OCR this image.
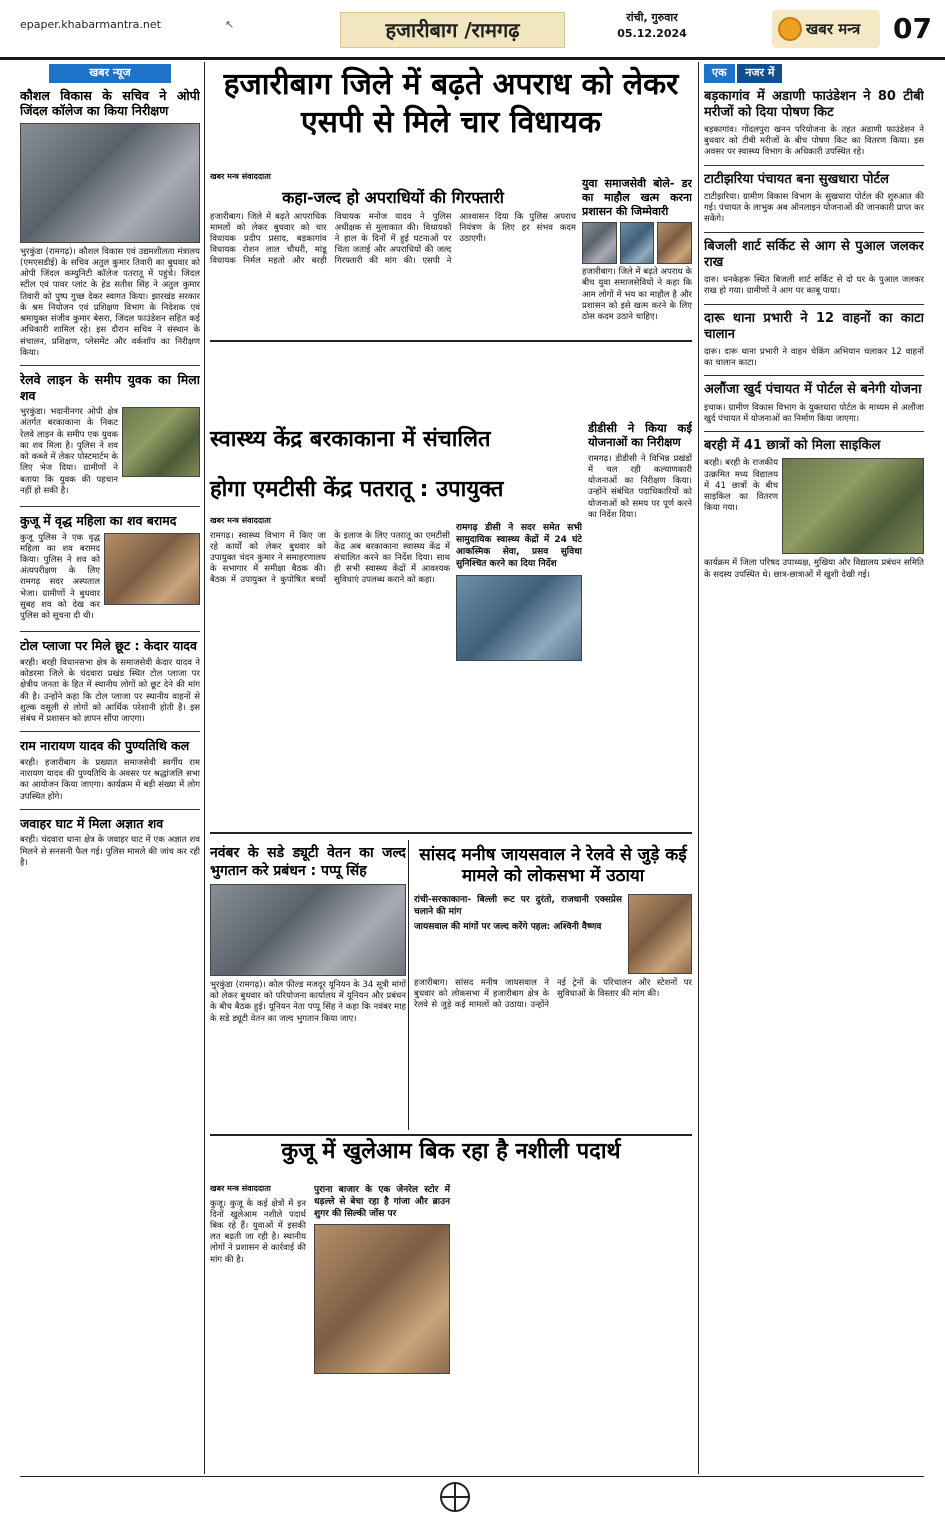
epaper.khabarmantra.net	↖	हजारीबाग /रामगढ़
रांची, गुरुवार
05.12.2024	खबर मन्त्र	07
खबर न्यूज
कौशल विकास के सचिव ने ओपी जिंदल कॉलेज का किया निरीक्षण

भुरकुंडा (रामगढ़)। कौशल विकास एवं उद्यमशीलता मंत्रालय (एमएसडीई) के सचिव अतुल कुमार तिवारी का बुधवार को ओपी जिंदल कम्युनिटी कॉलेज पतरातू में पहुंचे। जिंदल स्टील एवं पावर प्लांट के हेड सतीश सिंह ने अतुल कुमार तिवारी को पुष्प गुच्छ देकर स्वागत किया। झारखंड सरकार के श्रम नियोजन एवं प्रशिक्षण विभाग के निदेशक एवं श्रमायुक्त संजीव कुमार बेसरा, जिंदल फाउंडेशन सहित कई अधिकारी शामिल रहे। इस दौरान सचिव ने संस्थान के संचालन, प्रशिक्षण, प्लेसमेंट और वर्कशॉप का निरीक्षण किया।

रेलवे लाइन के समीप युवक का मिला शव

भुरकुंडा। भदानीनगर ओपी क्षेत्र अंतर्गत बरकाकाना के निकट रेलवे लाइन के समीप एक युवक का शव मिला है। पुलिस ने शव को कब्जे में लेकर पोस्टमार्टम के लिए भेज दिया। ग्रामीणों ने बताया कि युवक की पहचान नहीं हो सकी है।

कुजू में वृद्ध महिला का शव बरामद

कुजू पुलिस ने एक वृद्ध महिला का शव बरामद किया। पुलिस ने शव को अंत्यपरीक्षण के लिए रामगढ़ सदर अस्पताल भेजा। ग्रामीणों ने बुधवार सुबह शव को देख कर पुलिस को सूचना दी थी।

टोल प्लाजा पर मिले छूट : केदार यादव

बरही। बरही विधानसभा क्षेत्र के समाजसेवी केदार यादव ने कोडरमा जिले के चंदवारा प्रखंड स्थित टोल प्लाजा पर क्षेत्रीय जनता के हित में स्थानीय लोगों को छूट देने की मांग की है। उन्होंने कहा कि टोल प्लाजा पर स्थानीय वाहनों से शुल्क वसूली से लोगों को आर्थिक परेशानी होती है। इस संबंध में प्रशासन को ज्ञापन सौंपा जाएगा।

राम नारायण यादव की पुण्यतिथि कल

बरही। हजारीबाग के प्रख्यात समाजसेवी स्वर्गीय राम नारायण यादव की पुण्यतिथि के अवसर पर श्रद्धांजलि सभा का आयोजन किया जाएगा। कार्यक्रम में बड़ी संख्या में लोग उपस्थित होंगे।

जवाहर घाट में मिला अज्ञात शव

बरही। चंदवारा थाना क्षेत्र के जवाहर घाट में एक अज्ञात शव मिलने से सनसनी फैल गई। पुलिस मामले की जांच कर रही है।

हजारीबाग जिले में बढ़ते अपराध को लेकर एसपी से मिले चार विधायक
खबर मन्त्र संवाददाता
कहा-जल्द हो अपराधियों की गिरफ्तारी

हजारीबाग। जिले में बढ़ते आपराधिक मामलों को लेकर बुधवार को चार विधायक प्रदीप प्रसाद, बड़कागांव विधायक रोशन लाल चौधरी, मांडू विधायक निर्मल महतो और बरही विधायक मनोज यादव ने पुलिस अधीक्षक से मुलाकात की। विधायकों ने हाल के दिनों में हुई घटनाओं पर चिंता जताई और अपराधियों की जल्द गिरफ्तारी की मांग की। एसपी ने आश्वासन दिया कि पुलिस अपराध नियंत्रण के लिए हर संभव कदम उठाएगी।

युवा समाजसेवी बोले- डर का माहौल खत्म करना प्रशासन की जिम्मेवारी

हजारीबाग। जिले में बढ़ते अपराध के बीच युवा समाजसेवियों ने कहा कि आम लोगों में भय का माहौल है और प्रशासन को इसे खत्म करने के लिए ठोस कदम उठाने चाहिए।

स्वास्थ्य केंद्र बरकाकाना में संचालित
होगा एमटीसी केंद्र पतरातू : उपायुक्त
खबर मन्त्र संवाददाता

रामगढ़। स्वास्थ्य विभाग में किए जा रहे कार्यों को लेकर बुधवार को उपायुक्त चंदन कुमार ने समाहरणालय के सभागार में समीक्षा बैठक की। बैठक में उपायुक्त ने कुपोषित बच्चों के इलाज के लिए पतरातू का एमटीसी केंद्र अब बरकाकाना स्वास्थ्य केंद्र में संचालित करने का निर्देश दिया। साथ ही सभी स्वास्थ्य केंद्रों में आवश्यक सुविधाएं उपलब्ध कराने को कहा।

रामगढ़ डीसी ने सदर समेत सभी सामुदायिक स्वास्थ्य केंद्रों में 24 घंटे आकस्मिक सेवा, प्रसव सुविधा सुनिश्चित करने का दिया निर्देश
डीडीसी ने किया कई योजनाओं का निरीक्षण

रामगढ़। डीडीसी ने विभिन्न प्रखंडों में चल रही कल्याणकारी योजनाओं का निरीक्षण किया। उन्होंने संबंधित पदाधिकारियों को योजनाओं को समय पर पूर्ण करने का निर्देश दिया।

नवंबर के सडे ड्यूटी वेतन का जल्द भुगतान करे प्रबंधन : पप्पू सिंह

भुरकुंडा (रामगढ़)। कोल फील्ड मजदूर यूनियन के 34 सूत्री मांगों को लेकर बुधवार को परियोजना कार्यालय में यूनियन और प्रबंधन के बीच बैठक हुई। यूनियन नेता पप्पू सिंह ने कहा कि नवंबर माह के सडे ड्यूटी वेतन का जल्द भुगतान किया जाए।

सांसद मनीष जायसवाल ने रेलवे से जुड़े कई मामले को लोकसभा में उठाया
रांची-सरकाकाना- बिल्ली रूट पर दुरंतो, राजधानी एक्सप्रेस चलाने की मांग
जायसवाल की मांगों पर जल्द करेंगे पहल: अश्विनी वैष्णव

हजारीबाग। सांसद मनीष जायसवाल ने बुधवार को लोकसभा में हजारीबाग क्षेत्र के रेलवे से जुड़े कई मामलों को उठाया। उन्होंने नई ट्रेनों के परिचालन और स्टेशनों पर सुविधाओं के विस्तार की मांग की।

कुजू में खुलेआम बिक रहा है नशीली पदार्थ
खबर मन्त्र संवाददाता

कुजू। कुजू के कई क्षेत्रों में इन दिनों खुलेआम नशीले पदार्थ बिक रहे हैं। युवाओं में इसकी लत बढ़ती जा रही है। स्थानीय लोगों ने प्रशासन से कार्रवाई की मांग की है।

पुराना बाजार के एक जेनरेल स्टोर में धड़ल्ले से बेचा रहा है गांजा और ब्राउन शुगर की सिल्की जोंस पर
एक नजर में
बड़कागांव में अडाणी फाउंडेशन ने 80 टीबी मरीजों को दिया पोषण किट

बड़कागांव। गोंदलपुरा खनन परियोजना के तहत अडाणी फाउंडेशन ने बुधवार को टीबी मरीजों के बीच पोषण किट का वितरण किया। इस अवसर पर स्वास्थ्य विभाग के अधिकारी उपस्थित रहे।

टाटीझरिया पंचायत बना सुखधारा पोर्टल

टाटीझरिया। ग्रामीण विकास विभाग के सुखधारा पोर्टल की शुरुआत की गई। पंचायत के लाभुक अब ऑनलाइन योजनाओं की जानकारी प्राप्त कर सकेंगे।

बिजली शार्ट सर्किट से आग से पुआल जलकर राख

दारु। धनकेहरू स्थित बिजली शार्ट सर्किट से दो घर के पुआल जलकर राख हो गया। ग्रामीणों ने आग पर काबू पाया।

दारू थाना प्रभारी ने 12 वाहनों का काटा चालान

दारू। दारू थाना प्रभारी ने वाहन चेकिंग अभियान चलाकर 12 वाहनों का चालान काटा।

अलौंजा खुर्द पंचायत में पोर्टल से बनेगी योजना

इचाक। ग्रामीण विकास विभाग के युक्तधारा पोर्टल के माध्यम से अलौंजा खुर्द पंचायत में योजनाओं का निर्माण किया जाएगा।

बरही में 41 छात्रों को मिला साइकिल

बरही। बरही के राजकीय उत्क्रमित मध्य विद्यालय में 41 छात्रों के बीच साइकिल का वितरण किया गया।

कार्यक्रम में जिला परिषद उपाध्यक्ष, मुखिया और विद्यालय प्रबंधन समिति के सदस्य उपस्थित थे। छात्र-छात्राओं में खुशी देखी गई।
